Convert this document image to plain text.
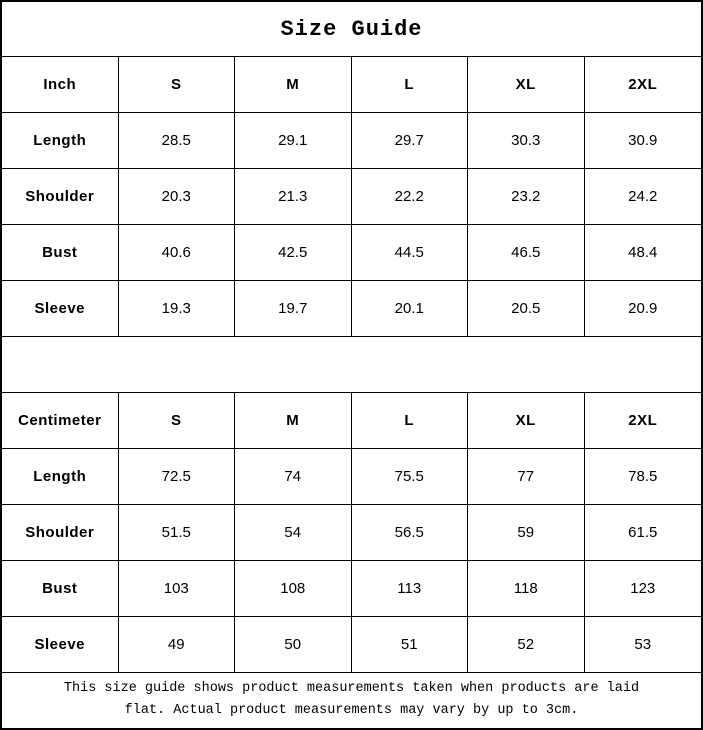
Size Guide
Inch	S	M	L	XL	2XL
Length	28.5	29.1	29.7	30.3	30.9
Shoulder	20.3	21.3	22.2	23.2	24.2
Bust	40.6	42.5	44.5	46.5	48.4
Sleeve	19.3	19.7	20.1	20.5	20.9
Centimeter	S	M	L	XL	2XL
Length	72.5	74	75.5	77	78.5
Shoulder	51.5	54	56.5	59	61.5
Bust	103	108	113	118	123
Sleeve	49	50	51	52	53
This size guide shows product measurements taken when products are laid flat. Actual product measurements may vary by up to 3cm.
